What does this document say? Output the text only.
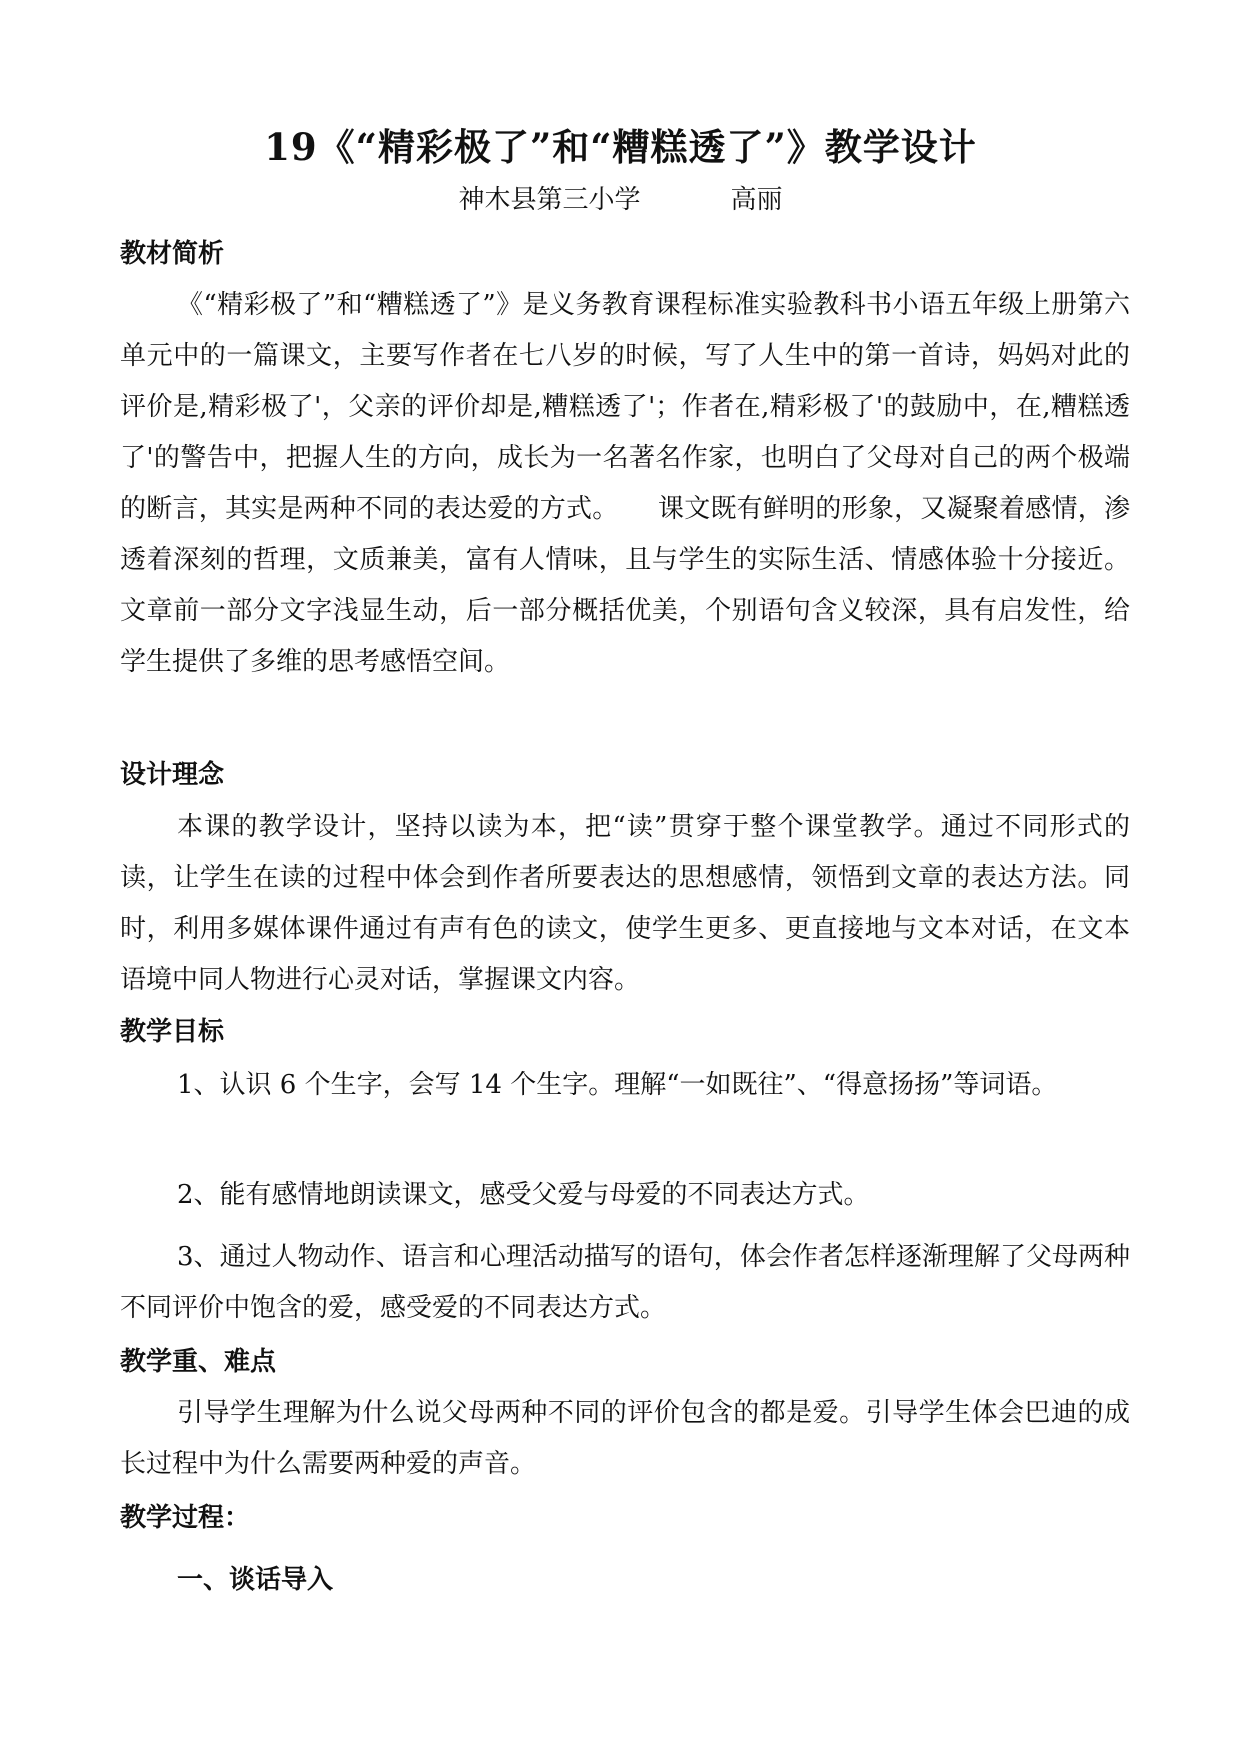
19《“精彩极了”和“糟糕透了”》教学设计
神木县第三小学	高丽
教材简析
《“精彩极了”和“糟糕透了”》是义务教育课程标准实验教科书小语五年级上册第六单元中的一篇课文，主要写作者在七八岁的时候，写了人生中的第一首诗，妈妈对此的评价是,精彩极了'，父亲的评价却是,糟糕透了'；作者在,精彩极了'的鼓励中，在,糟糕透了'的警告中，把握人生的方向，成长为一名著名作家，也明白了父母对自己的两个极端的断言，其实是两种不同的表达爱的方式。　　课文既有鲜明的形象，又凝聚着感情，渗透着深刻的哲理，文质兼美，富有人情味，且与学生的实际生活、情感体验十分接近。文章前一部分文字浅显生动，后一部分概括优美，个别语句含义较深，具有启发性，给学生提供了多维的思考感悟空间。
设计理念
本课的教学设计，坚持以读为本，把“读”贯穿于整个课堂教学。通过不同形式的读，让学生在读的过程中体会到作者所要表达的思想感情，领悟到文章的表达方法。同时，利用多媒体课件通过有声有色的读文，使学生更多、更直接地与文本对话，在文本语境中同人物进行心灵对话，掌握课文内容。
教学目标
1、认识 6 个生字，会写 14 个生字。理解“一如既往”、“得意扬扬”等词语。
2、能有感情地朗读课文，感受父爱与母爱的不同表达方式。
3、通过人物动作、语言和心理活动描写的语句，体会作者怎样逐渐理解了父母两种不同评价中饱含的爱，感受爱的不同表达方式。
教学重、难点
引导学生理解为什么说父母两种不同的评价包含的都是爱。引导学生体会巴迪的成长过程中为什么需要两种爱的声音。
教学过程：
一、谈话导入
